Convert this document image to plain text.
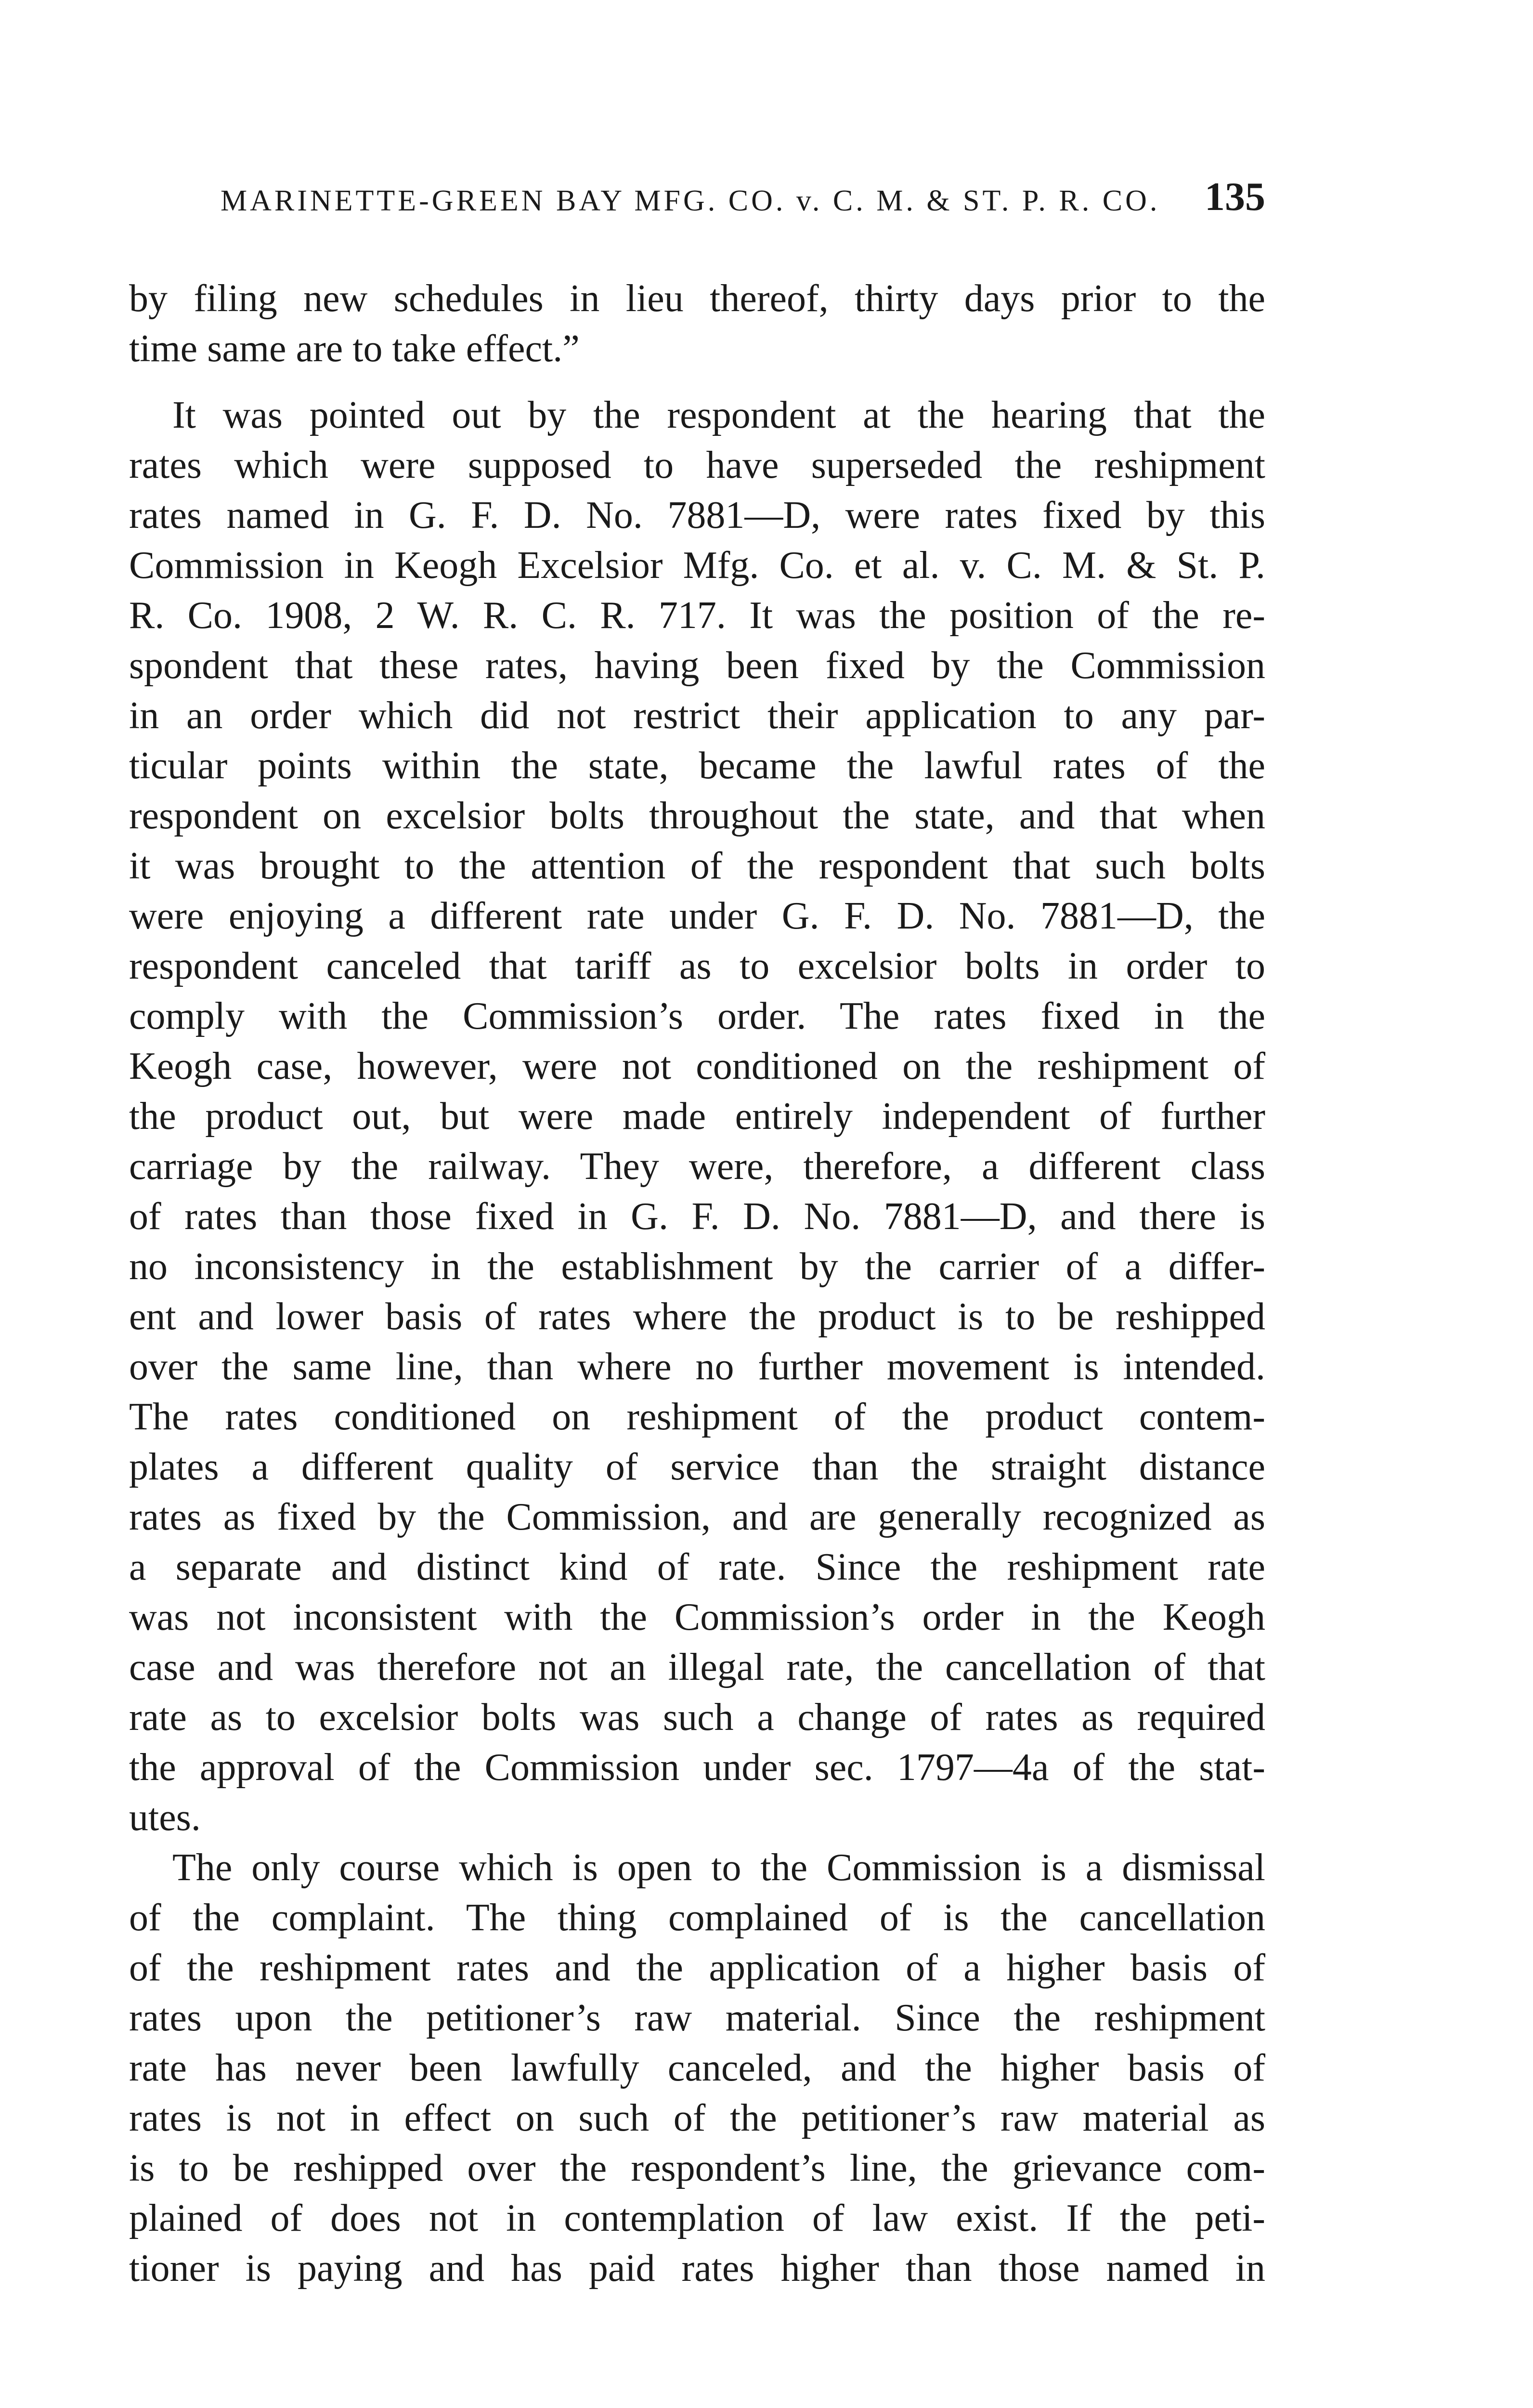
MARINETTE-GREEN BAY MFG. CO. v. C. M. & ST. P. R. CO. 135
by filing new schedules in lieu thereof, thirty days prior to the
time same are to take effect.”
It was pointed out by the respondent at the hearing that the
rates which were supposed to have superseded the reshipment
rates named in G. F. D. No. 7881—D, were rates fixed by this
Commission in Keogh Excelsior Mfg. Co. et al. v. C. M. & St. P.
R. Co. 1908, 2 W. R. C. R. 717. It was the position of the re-
spondent that these rates, having been fixed by the Commission
in an order which did not restrict their application to any par-
ticular points within the state, became the lawful rates of the
respondent on excelsior bolts throughout the state, and that when
it was brought to the attention of the respondent that such bolts
were enjoying a different rate under G. F. D. No. 7881—D, the
respondent canceled that tariff as to excelsior bolts in order to
comply with the Commission’s order. The rates fixed in the
Keogh case, however, were not conditioned on the reshipment of
the product out, but were made entirely independent of further
carriage by the railway. They were, therefore, a different class
of rates than those fixed in G. F. D. No. 7881—D, and there is
no inconsistency in the establishment by the carrier of a differ-
ent and lower basis of rates where the product is to be reshipped
over the same line, than where no further movement is intended.
The rates conditioned on reshipment of the product contem-
plates a different quality of service than the straight distance
rates as fixed by the Commission, and are generally recognized as
a separate and distinct kind of rate. Since the reshipment rate
was not inconsistent with the Commission’s order in the Keogh
case and was therefore not an illegal rate, the cancellation of that
rate as to excelsior bolts was such a change of rates as required
the approval of the Commission under sec. 1797—4a of the stat-
utes.
The only course which is open to the Commission is a dismissal
of the complaint. The thing complained of is the cancellation
of the reshipment rates and the application of a higher basis of
rates upon the petitioner’s raw material. Since the reshipment
rate has never been lawfully canceled, and the higher basis of
rates is not in effect on such of the petitioner’s raw material as
is to be reshipped over the respondent’s line, the grievance com-
plained of does not in contemplation of law exist. If the peti-
tioner is paying and has paid rates higher than those named in
